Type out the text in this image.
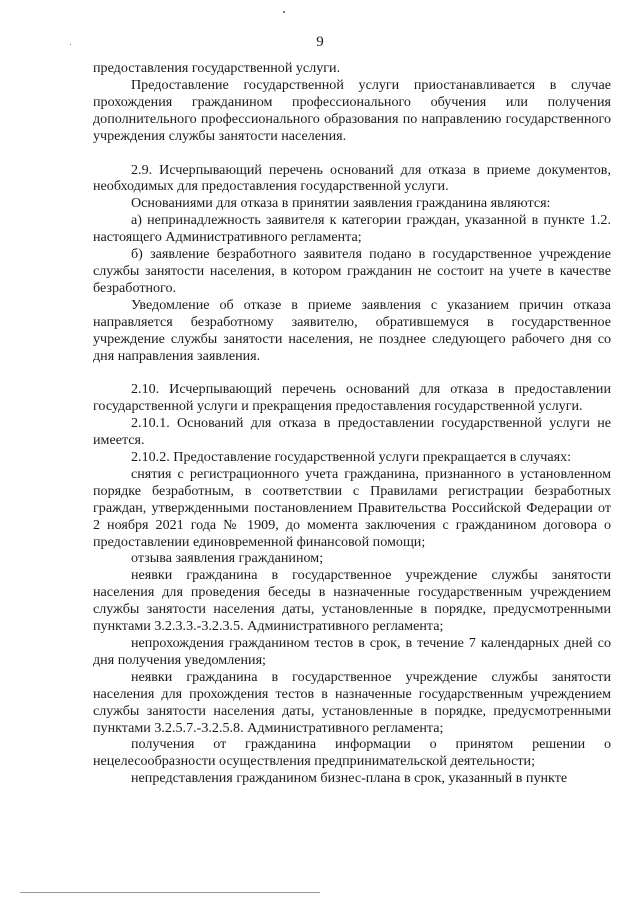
9

предоставления государственной услуги.

Предоставление государственной услуги приостанавливается в случае прохождения гражданином профессионального обучения или получения дополнительного профессионального образования по направлению государственного учреждения службы занятости населения.

2.9. Исчерпывающий перечень оснований для отказа в приеме документов, необходимых для предоставления государственной услуги.

Основаниями для отказа в принятии заявления гражданина являются:

а) непринадлежность заявителя к категории граждан, указанной в пункте 1.2. настоящего Административного регламента;

б) заявление безработного заявителя подано в государственное учреждение службы занятости населения, в котором гражданин не состоит на учете в качестве безработного.

Уведомление об отказе в приеме заявления с указанием причин отказа направляется безработному заявителю, обратившемуся в государственное учреждение службы занятости населения, не позднее следующего рабочего дня со дня направления заявления.

2.10. Исчерпывающий перечень оснований для отказа в предоставлении государственной услуги и прекращения предоставления государственной услуги.

2.10.1. Оснований для отказа в предоставлении государственной услуги не имеется.

2.10.2. Предоставление государственной услуги прекращается в случаях:

снятия с регистрационного учета гражданина, признанного в установленном порядке безработным, в соответствии с Правилами регистрации безработных граждан, утвержденными постановлением Правительства Российской Федерации от 2 ноября 2021 года № 1909, до момента заключения с гражданином договора о предоставлении единовременной финансовой помощи;

отзыва заявления гражданином;

неявки гражданина в государственное учреждение службы занятости населения для проведения беседы в назначенные государственным учреждением службы занятости населения даты, установленные в порядке, предусмотренными пунктами 3.2.3.3.-3.2.3.5. Административного регламента;

непрохождения гражданином тестов в срок, в течение 7 календарных дней со дня получения уведомления;

неявки гражданина в государственное учреждение службы занятости населения для прохождения тестов в назначенные государственным учреждением службы занятости населения даты, установленные в порядке, предусмотренными пунктами 3.2.5.7.-3.2.5.8. Административного регламента;

получения от гражданина информации о принятом решении о нецелесообразности осуществления предпринимательской деятельности;

непредставления гражданином бизнес-плана в срок, указанный в пункте
